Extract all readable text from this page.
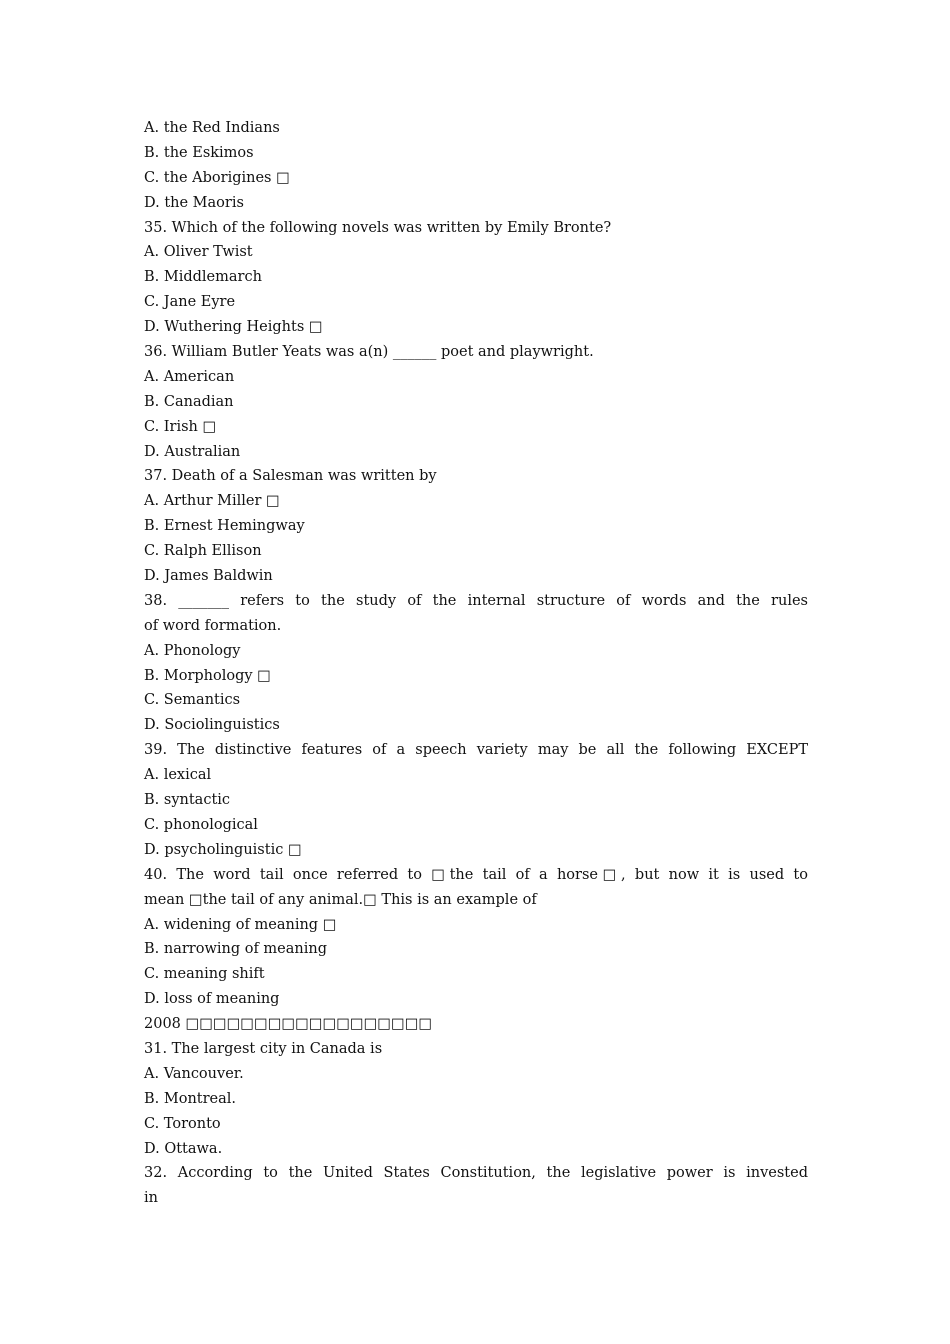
A. the Red Indians

B. the Eskimos

C. the Aborigines □

D. the Maoris

35. Which of the following novels was written by Emily Bronte?

A. Oliver Twist

B. Middlemarch

C. Jane Eyre

D. Wuthering Heights □

36. William Butler Yeats was a(n) ______ poet and playwright.

A. American

B. Canadian

C. Irish □

D. Australian

37. Death of a Salesman was written by

A. Arthur Miller □

B. Ernest Hemingway

C. Ralph Ellison

D. James Baldwin

38. _______ refers to the study of the internal structure of words and the rules

of word formation.

A. Phonology

B. Morphology □

C. Semantics

D. Sociolinguistics

39. The distinctive features of a speech variety may be all the following EXCEPT

A. lexical

B. syntactic

C. phonological

D. psycholinguistic □

40. The word tail once referred to □the tail of a horse□, but now it is used to

mean □the tail of any animal.□ This is an example of

A. widening of meaning □

B. narrowing of meaning

C. meaning shift

D. loss of meaning

2008 □□□□□□□□□□□□□□□□□□

31. The largest city in Canada is

A. Vancouver.

B. Montreal.

C. Toronto

D. Ottawa.

32. According to the United States Constitution, the legislative power is invested

in
